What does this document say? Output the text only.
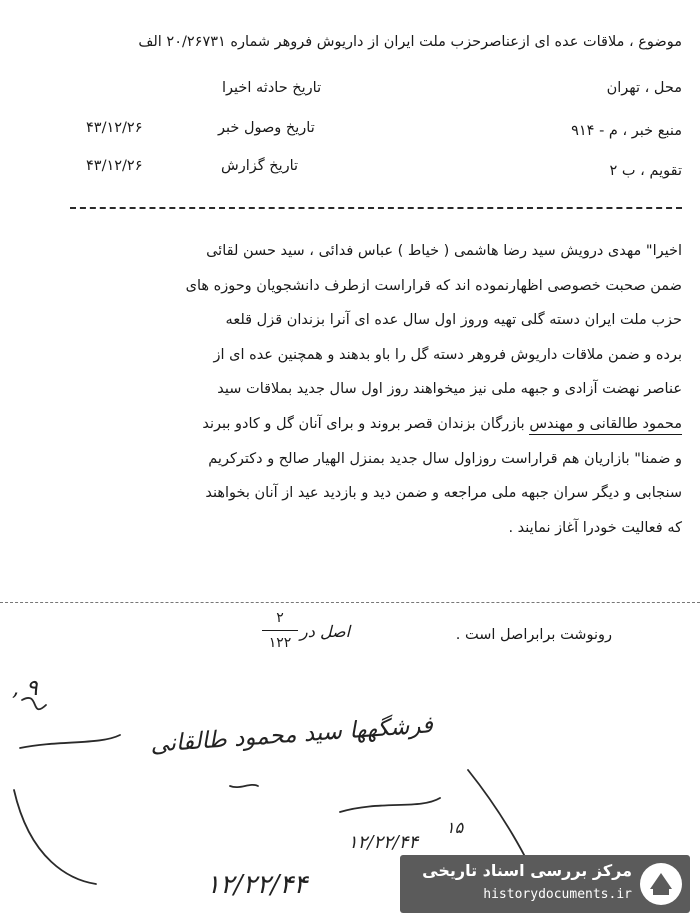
موضوع ، ملاقات عده ای ازعناصرحزب ملت ایران از داریوش فروهر شماره ۲۰/۲۶۷۳۱ الف
محل ، تهران
تاریخ حادثه اخیرا
منبع خبر ، م - ۹۱۴
تاریخ وصول خبر
۴۳/۱۲/۲۶
تقویم ، ب ۲
تاریخ گزارش
۴۳/۱۲/۲۶
اخیرا" مهدی درویش سید رضا هاشمی ( خیاط ) عباس فدائی ، سید حسن لقائی
ضمن صحبت خصوصی اظهارنموده اند که قراراست ازطرف دانشجویان وحوزه های
حزب ملت ایران دسته گلی تهیه وروز اول سال عده ای آنرا بزندان قزل قلعه
برده و ضمن ملاقات داریوش فروهر دسته گل را باو بدهند و همچنین عده ای از
عناصر نهضت آزادی و جبهه ملی نیز میخواهند روز اول سال جدید بملاقات سید
محمود طالقانی و مهندس بازرگان بزندان قصر بروند و برای آنان گل و کادو ببرند
و ضمنا" بازاریان هم قراراست روزاول سال جدید بمنزل الهیار صالح و دکترکریم
سنجابی و دیگر سران جبهه ملی مراجعه و ضمن دید و بازدید عید از آنان بخواهند
که فعالیت خودرا آغاز نمایند .
رونوشت برابراصل است .
اصل در
۲
۱۲۲
۹ ,
فرشگهها سید محمود طالقانی
۱۵
۱۲/۲۲/۴۴
۱۲/۲۲/۴۴	مرکز بررسی اسناد تاریخی
historydocuments.ir
